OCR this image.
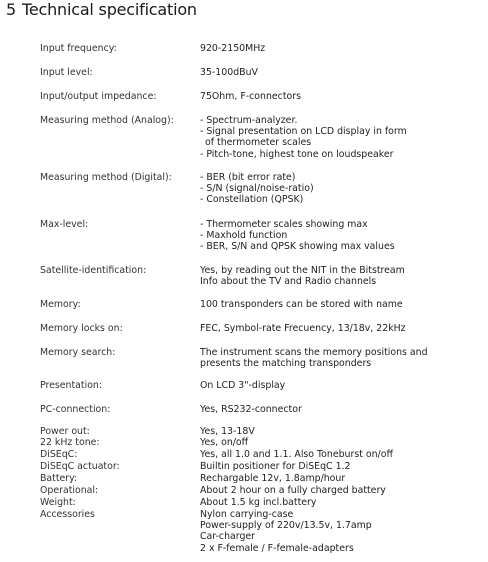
5 Technical specification
Input frequency:	920-2150MHz
Input level:	35-100dBuV
Input/output impedance:	75Ohm, F-connectors
Measuring method (Analog):	- Spectrum-analyzer.
- Signal presentation on LCD display in form
of thermometer scales
- Pitch-tone, highest tone on loudspeaker
Measuring method (Digital):	- BER (bit error rate)
- S/N (signal/noise-ratio)
- Constellation (QPSK)
Max-level:	- Thermometer scales showing max
- Maxhold function
- BER, S/N and QPSK showing max values
Satellite-identification:	Yes, by reading out the NIT in the Bitstream
Info about the TV and Radio channels
Memory:	100 transponders can be stored with name
Memory locks on:	FEC, Symbol-rate Frecuency, 13/18v, 22kHz
Memory search:	The instrument scans the memory positions and
presents the matching transponders
Presentation:	On LCD 3"-display
PC-connection:	Yes, RS232-connector
Power out:	Yes, 13-18V
22 kHz tone:	Yes, on/off
DiSEqC:	Yes, all 1.0 and 1.1. Also Toneburst on/off
DiSEqC actuator:	Builtin positioner for DiSEqC 1.2
Battery:	Rechargable 12v, 1.8amp/hour
Operational:	About 2 hour on a fully charged battery
Weight:	About 1.5 kg incl.battery
Accessories	Nylon carrying-case
Power-supply of 220v/13.5v, 1.7amp
Car-charger
2 x F-female / F-female-adapters
